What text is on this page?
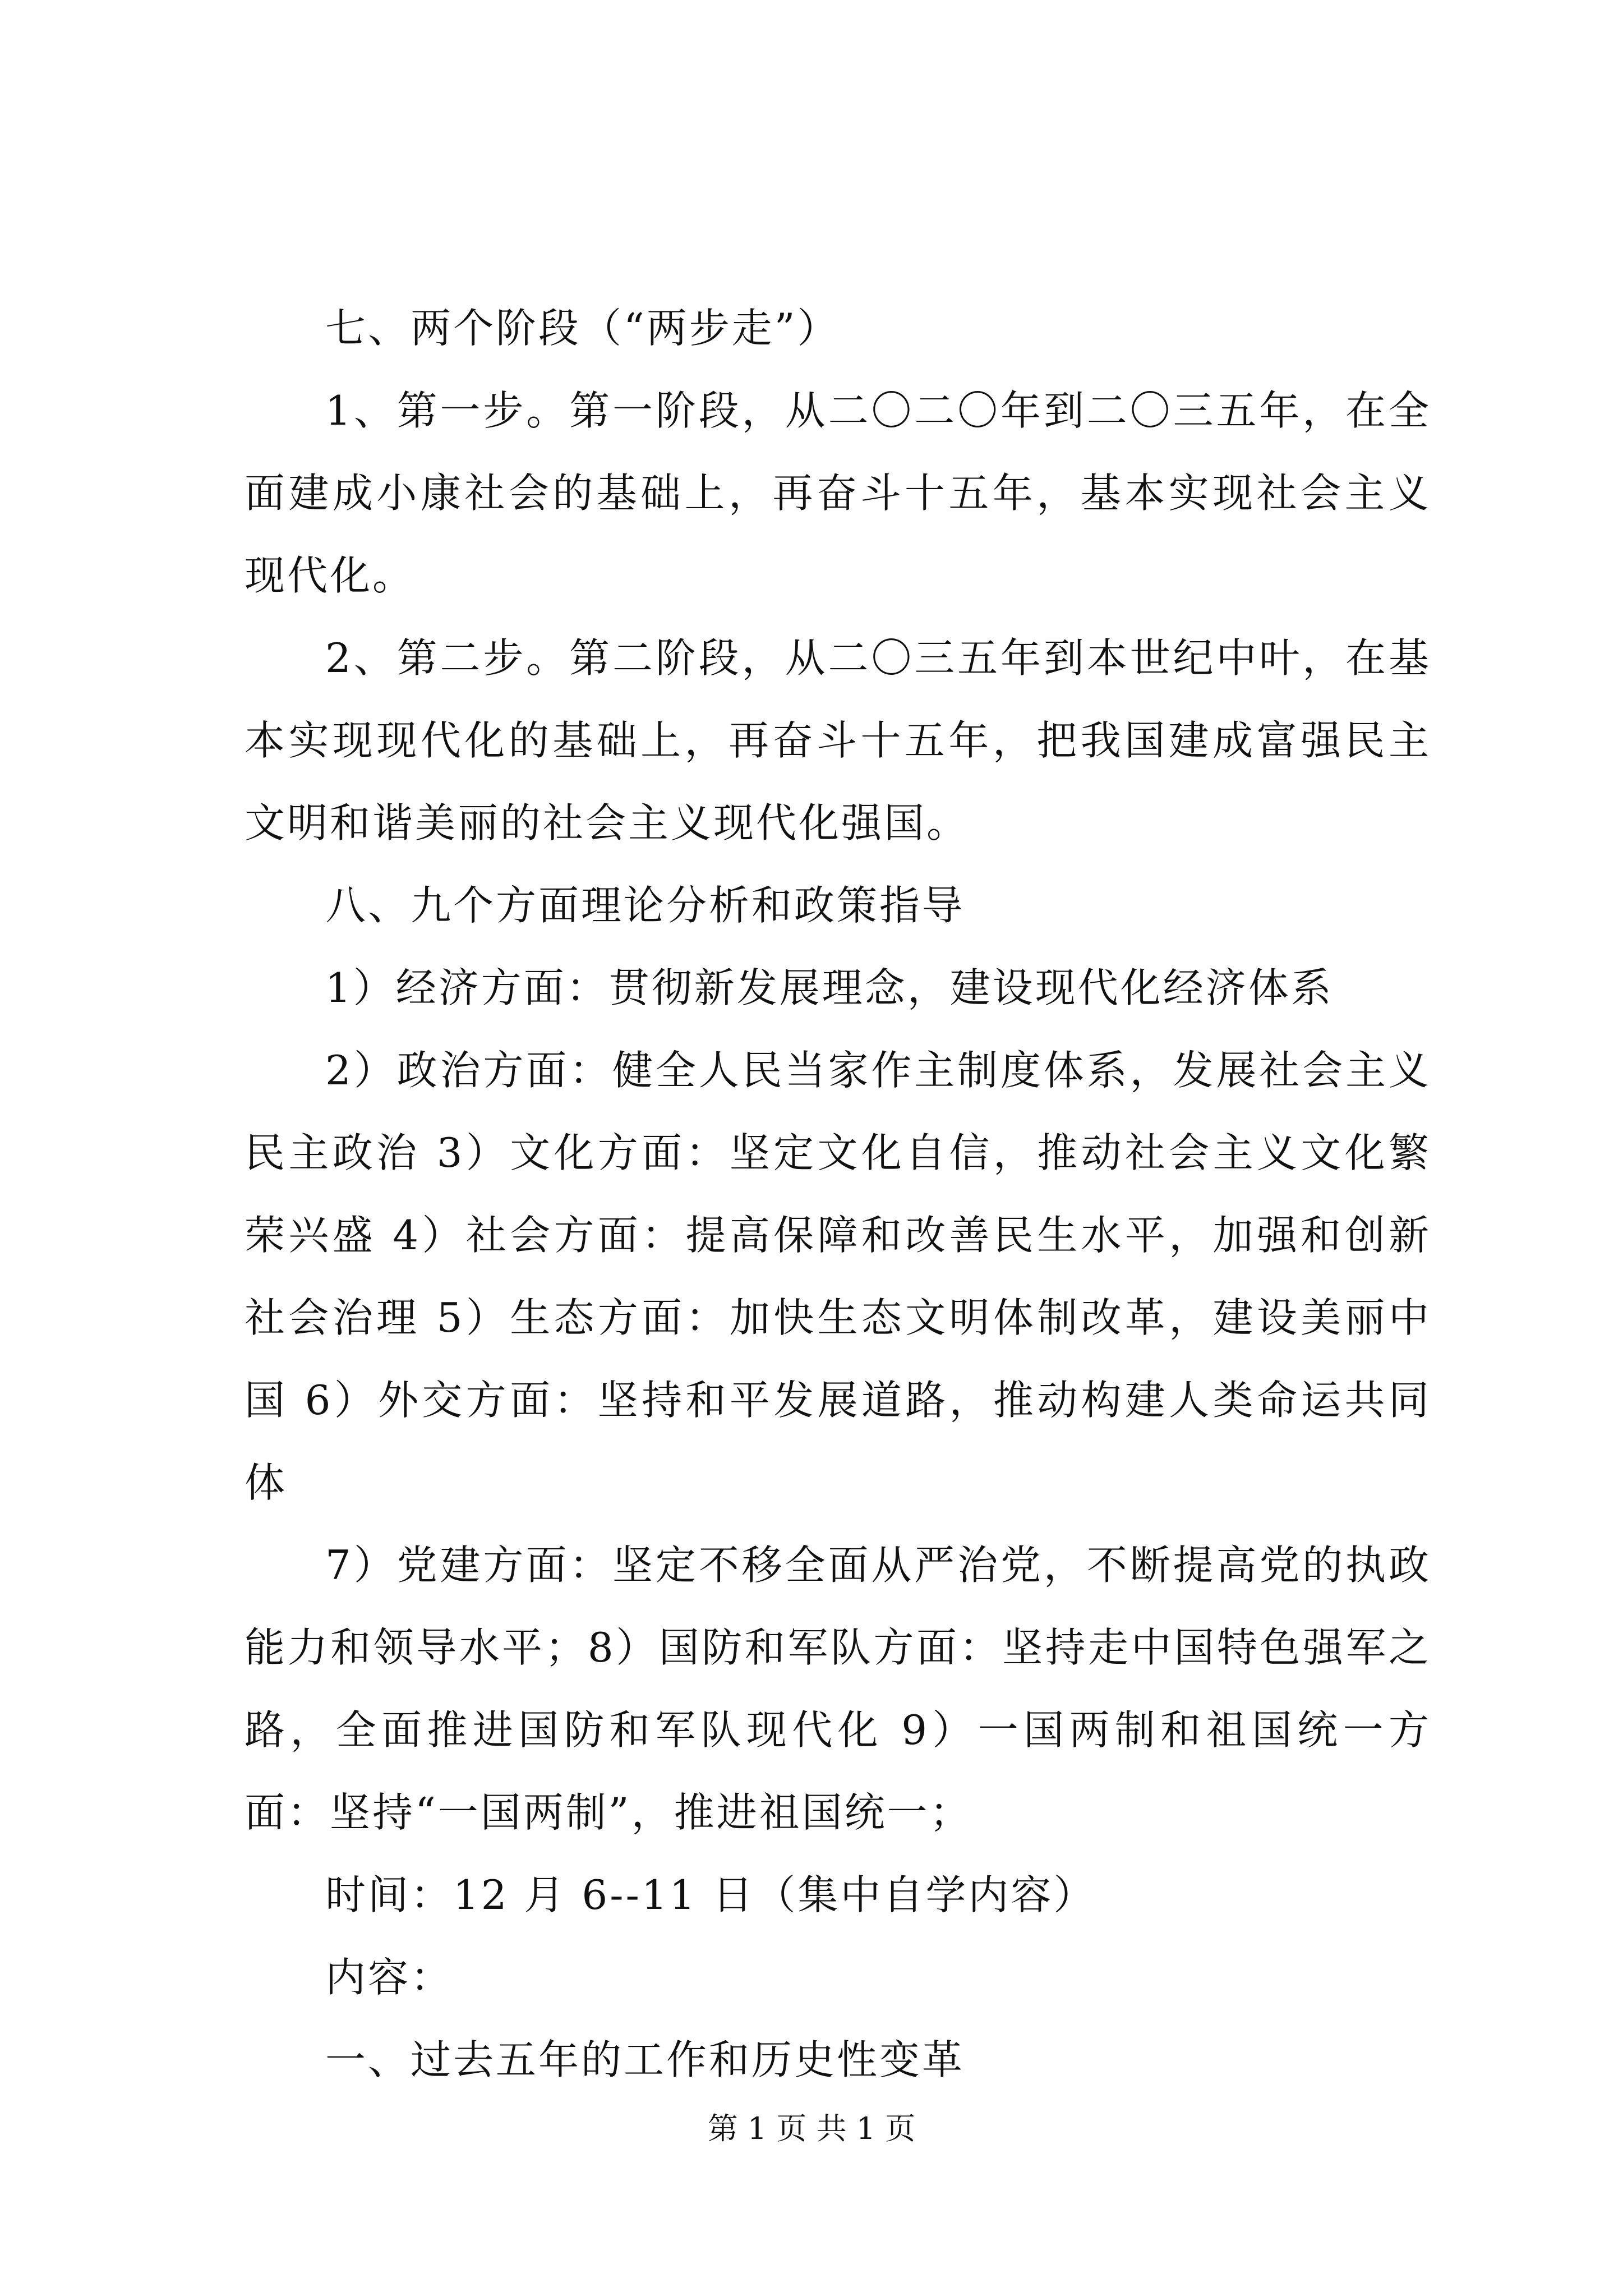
七、两个阶段（“两步走”）

1、第一步。第一阶段，从二〇二〇年到二〇三五年，在全面建成小康社会的基础上，再奋斗十五年，基本实现社会主义现代化。

2、第二步。第二阶段，从二〇三五年到本世纪中叶，在基本实现现代化的基础上，再奋斗十五年，把我国建成富强民主文明和谐美丽的社会主义现代化强国。

八、九个方面理论分析和政策指导

1）经济方面：贯彻新发展理念，建设现代化经济体系

2）政治方面：健全人民当家作主制度体系，发展社会主义民主政治 3）文化方面：坚定文化自信，推动社会主义文化繁荣兴盛 4）社会方面：提高保障和改善民生水平，加强和创新社会治理 5）生态方面：加快生态文明体制改革，建设美丽中国 6）外交方面：坚持和平发展道路，推动构建人类命运共同体

7）党建方面：坚定不移全面从严治党，不断提高党的执政能力和领导水平；8）国防和军队方面：坚持走中国特色强军之路，全面推进国防和军队现代化 9）一国两制和祖国统一方面：坚持“一国两制”，推进祖国统一；

时间：12 月 6--11 日（集中自学内容）

内容：

一、过去五年的工作和历史性变革

第 1 页 共 1 页
